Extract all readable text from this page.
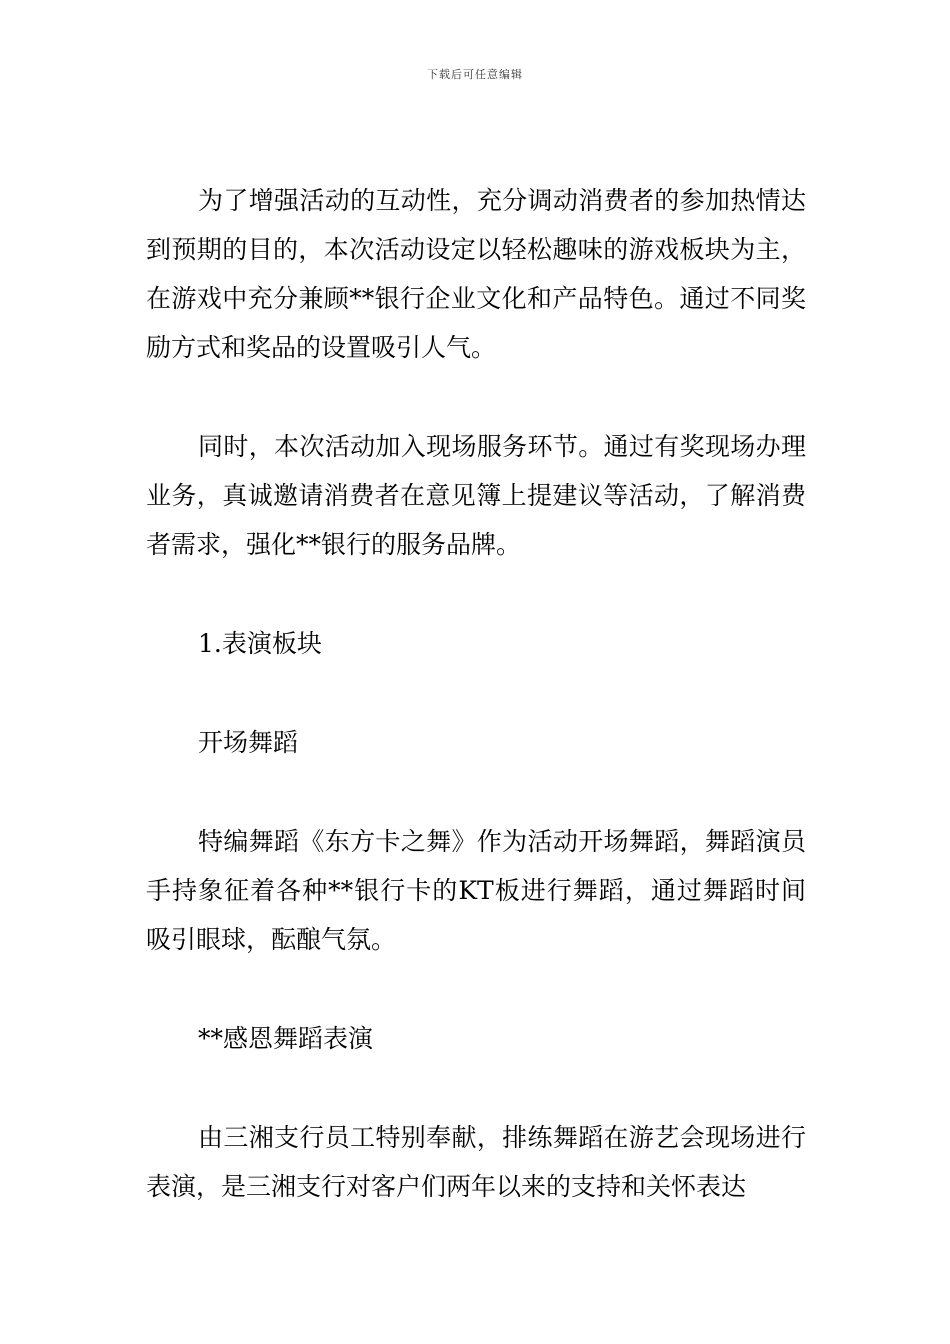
下载后可任意编辑

为了增强活动的互动性，充分调动消费者的参加热情达到预期的目的，本次活动设定以轻松趣味的游戏板块为主，在游戏中充分兼顾**银行企业文化和产品特色。通过不同奖励方式和奖品的设置吸引人气。

同时，本次活动加入现场服务环节。通过有奖现场办理业务，真诚邀请消费者在意见簿上提建议等活动，了解消费者需求，强化**银行的服务品牌。

1.表演板块

开场舞蹈

特编舞蹈《东方卡之舞》作为活动开场舞蹈，舞蹈演员手持象征着各种**银行卡的KT板进行舞蹈，通过舞蹈时间吸引眼球，酝酿气氛。

**感恩舞蹈表演

由三湘支行员工特别奉献，排练舞蹈在游艺会现场进行表演，是三湘支行对客户们两年以来的支持和关怀表达
